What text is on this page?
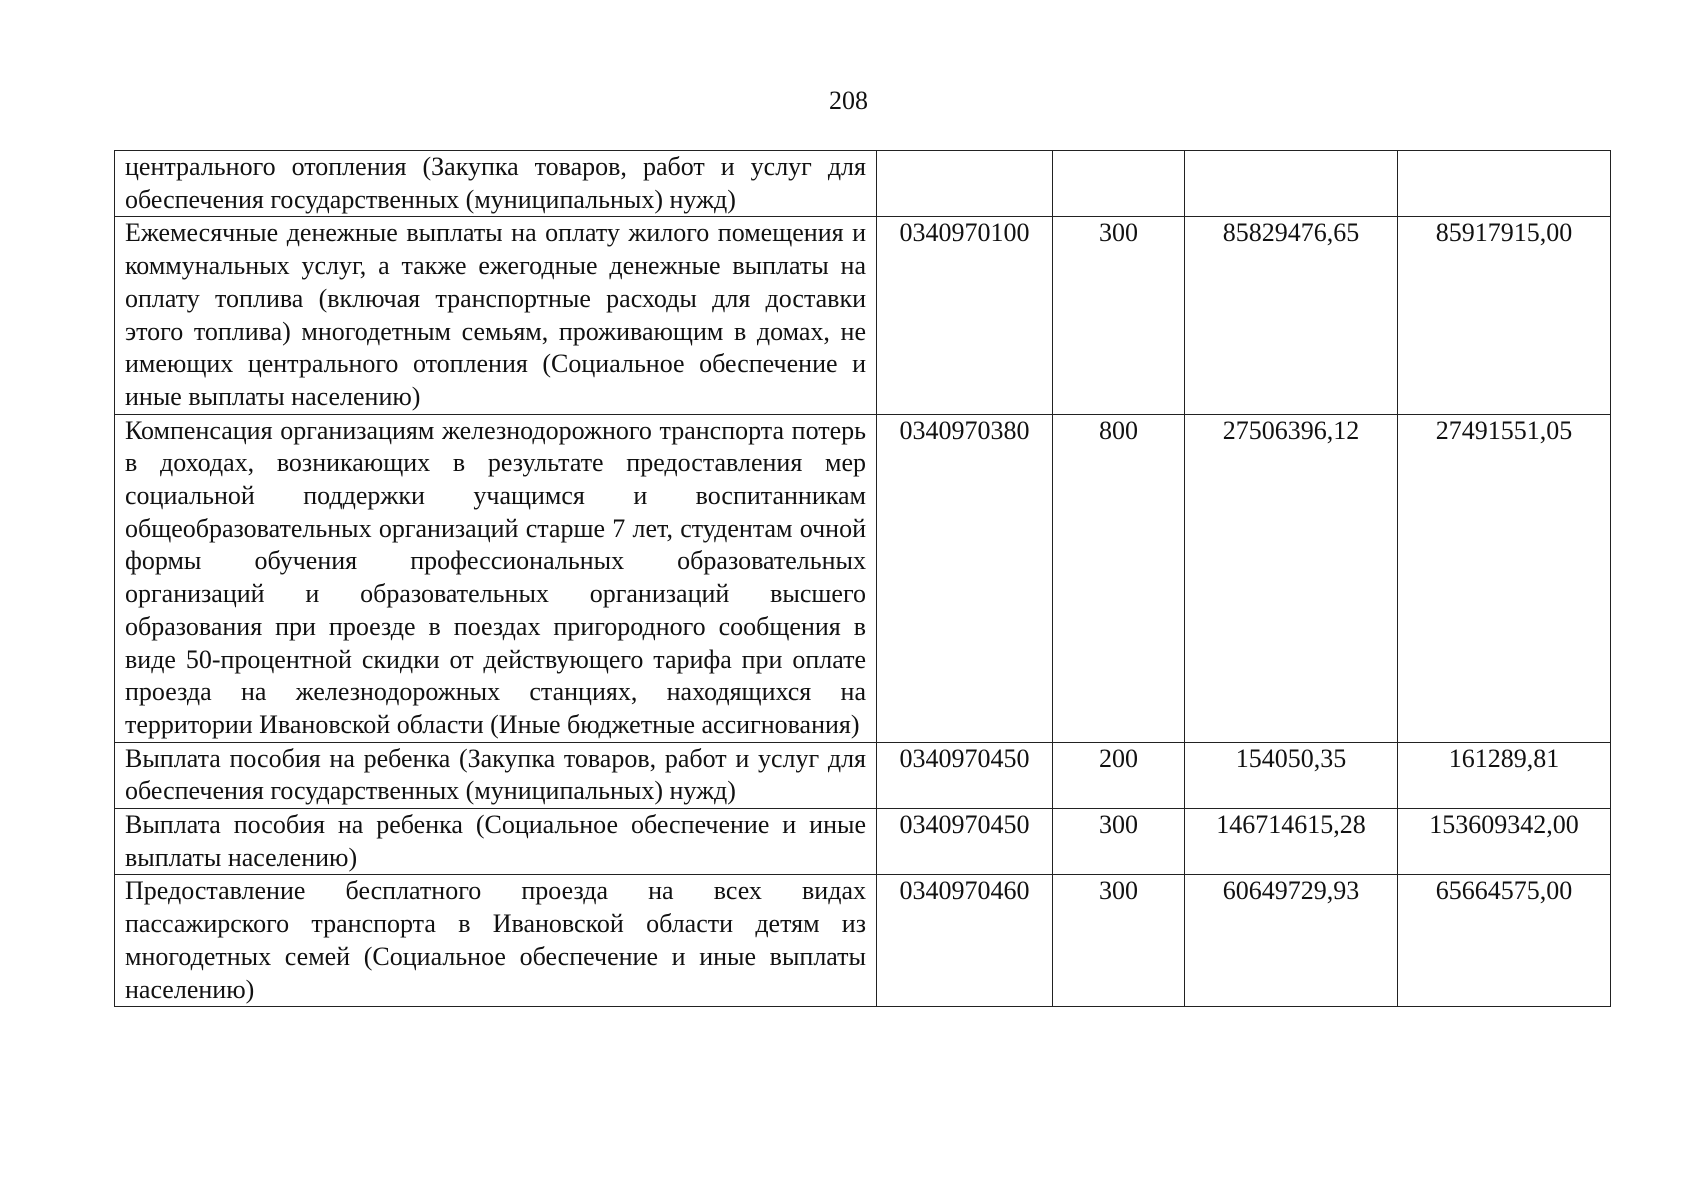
208
центрального отопления (Закупка товаров, работ и услуг для обеспечения государственных (муниципальных) нужд)				
Ежемесячные денежные выплаты на оплату жилого помещения и коммунальных услуг, а также ежегодные денежные выплаты на оплату топлива (включая транспортные расходы для доставки этого топлива) многодетным семьям, проживающим в домах, не имеющих центрального отопления (Социальное обеспечение и иные выплаты населению)	0340970100	300	85829476,65	85917915,00
Компенсация организациям железнодорожного транспорта потерь в доходах, возникающих в результате предоставления мер социальной поддержки учащимся и воспитанникам общеобразовательных организаций старше 7 лет, студентам очной формы обучения профессиональных образовательных организаций и образовательных организаций высшего образования при проезде в поездах пригородного сообщения в виде 50-процентной скидки от действующего тарифа при оплате проезда на железнодорожных станциях, находящихся на территории Ивановской области (Иные бюджетные ассигнования)	0340970380	800	27506396,12	27491551,05
Выплата пособия на ребенка (Закупка товаров, работ и услуг для обеспечения государственных (муниципальных) нужд)	0340970450	200	154050,35	161289,81
Выплата пособия на ребенка (Социальное обеспечение и иные выплаты населению)	0340970450	300	146714615,28	153609342,00
Предоставление бесплатного проезда на всех видах пассажирского транспорта в Ивановской области детям из многодетных семей (Социальное обеспечение и иные выплаты населению)	0340970460	300	60649729,93	65664575,00
